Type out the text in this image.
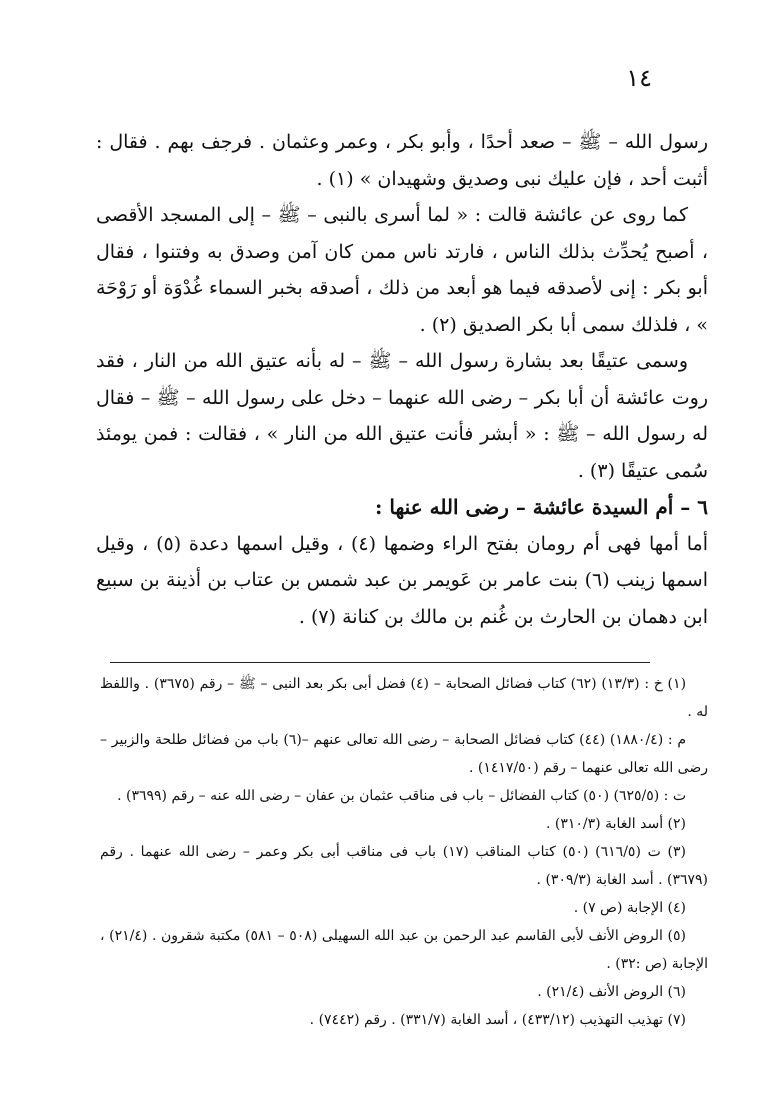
١٤

رسول الله – ﷺ – صعد أحدًا ، وأبو بكر ، وعمر وعثمان . فرجف بهم . فقال : أثبت أحد ، فإن عليك نبى وصديق وشهيدان » (١) .

كما روى عن عائشة قالت : « لما أسرى بالنبى – ﷺ – إلى المسجد الأقصى ، أصبح يُحدِّث بذلك الناس ، فارتد ناس ممن كان آمن وصدق به وفتنوا ، فقال أبو بكر : إنى لأصدقه فيما هو أبعد من ذلك ، أصدقه بخبر السماء غُدْوَة أو رَوْحَة » ، فلذلك سمى أبا بكر الصديق (٢) .

وسمى عتيقًا بعد بشارة رسول الله – ﷺ – له بأنه عتيق الله من النار ، فقد روت عائشة أن أبا بكر – رضى الله عنهما – دخل على رسول الله – ﷺ – فقال له رسول الله – ﷺ : « أبشر فأنت عتيق الله من النار » ، فقالت : فمن يومئذ سُمى عتيقًا (٣) .

٦ – أم السيدة عائشة – رضى الله عنها :

أما أمها فهى أم رومان بفتح الراء وضمها (٤) ، وقيل اسمها دعدة (٥) ، وقيل اسمها زينب (٦) بنت عامر بن عَويمر بن عبد شمس بن عتاب بن أذينة بن سبيع ابن دهمان بن الحارث بن غُنم بن مالك بن كنانة (٧) .

(١) خ : (١٣/٣) (٦٢) كتاب فضائل الصحابة – (٤) فضل أبى بكر بعد النبى – ﷺ – رقم (٣٦٧٥) . واللفظ له .

م : (١٨٨٠/٤) (٤٤) كتاب فضائل الصحابة – رضى الله تعالى عنهم –(٦) باب من فضائل طلحة والزبير – رضى الله تعالى عنهما – رقم (١٤١٧/٥٠) .

ت : (٦٢٥/٥) (٥٠) كتاب الفضائل – باب فى مناقب عثمان بن عفان – رضى الله عنه – رقم (٣٦٩٩) .

(٢) أسد الغابة (٣١٠/٣) .

(٣) ت (٦١٦/٥) (٥٠) كتاب المناقب (١٧) باب فى مناقب أبى بكر وعمر – رضى الله عنهما . رقم (٣٦٧٩) . أسد الغابة (٣٠٩/٣) .

(٤) الإجابة (ص ٧) .

(٥) الروض الأنف لأبى القاسم عبد الرحمن بن عبد الله السهيلى (٥٠٨ – ٥٨١) مكتبة شقرون . (٢١/٤) ، الإجابة (ص :٣٢) .

(٦) الروض الأنف (٢١/٤) .

(٧) تهذيب التهذيب (٤٣٣/١٢) ، أسد الغابة (٣٣١/٧) . رقم (٧٤٤٢) .
